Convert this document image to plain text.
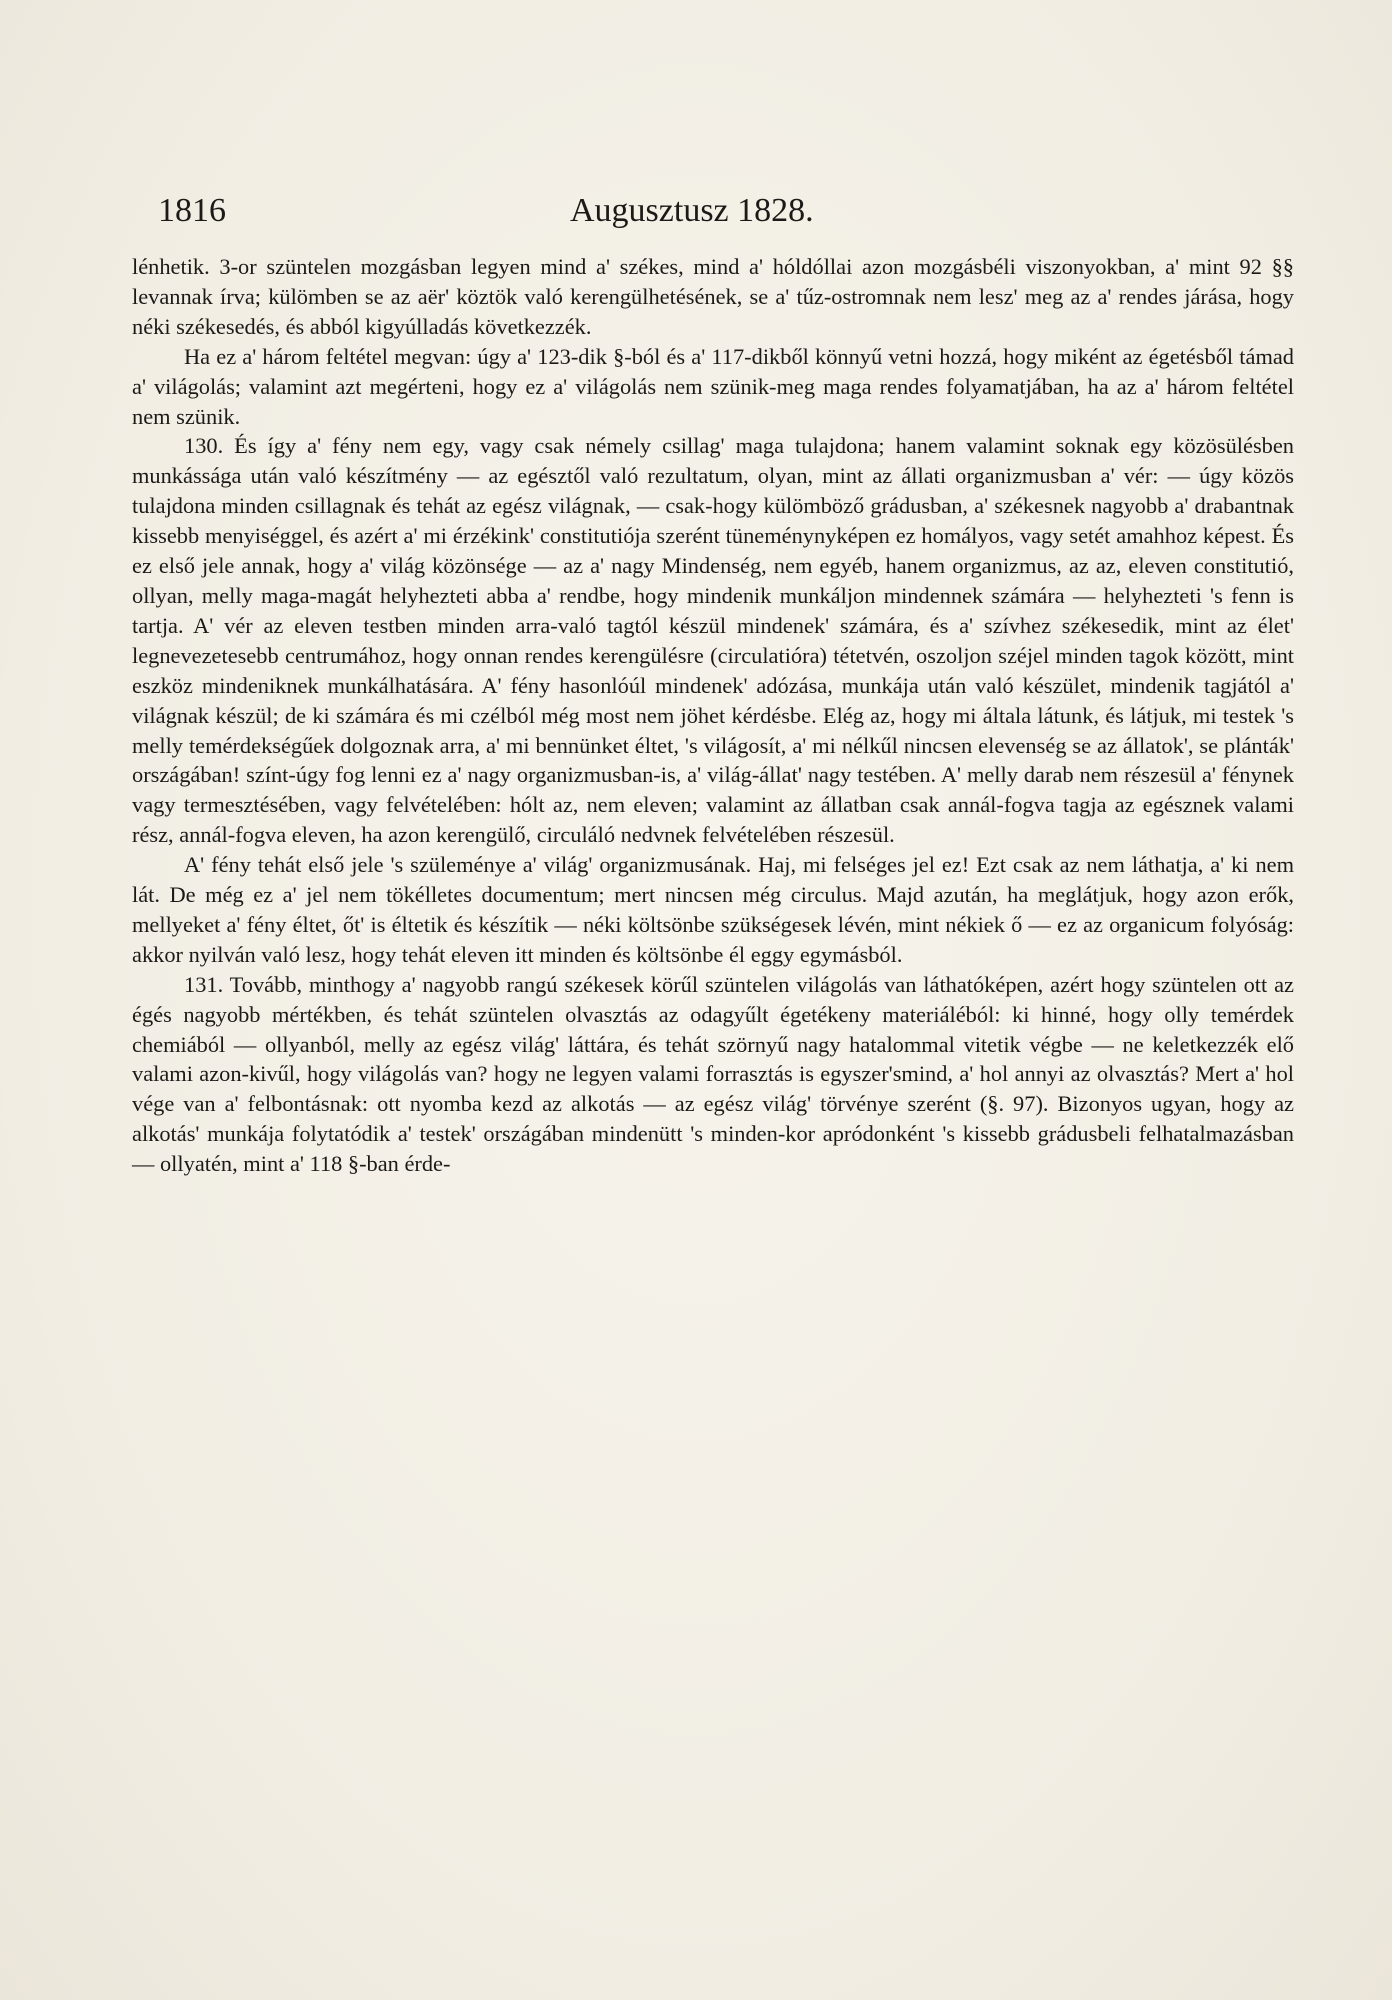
1816	Augusztusz 1828.

lénhetik. 3-or szüntelen mozgásban legyen mind a' székes, mind a' hóldóllai azon mozgásbéli viszonyokban, a' mint 92 §§ levannak írva; külömben se az aër' köztök való kerengülhetésének, se a' tűz-ostromnak nem lesz' meg az a' rendes járása, hogy néki székesedés, és abból kigyúlladás következzék.

Ha ez a' három feltétel megvan: úgy a' 123-dik §-ból és a' 117-dikből könnyű vetni hozzá, hogy miként az égetésből támad a' világolás; valamint azt megérteni, hogy ez a' világolás nem szünik-meg maga rendes folyamatjában, ha az a' három feltétel nem szünik.

130. És így a' fény nem egy, vagy csak némely csillag' maga tulajdona; hanem valamint soknak egy közösülésben munkássága után való készítmény — az egésztől való rezultatum, olyan, mint az állati organizmusban a' vér: — úgy közös tulajdona minden csillagnak és tehát az egész világnak, — csak-hogy külömböző grádusban, a' székesnek nagyobb a' drabantnak kissebb menyiséggel, és azért a' mi érzékink' constitutiója szerént tüneménynyképen ez homályos, vagy setét amahhoz képest. És ez első jele annak, hogy a' világ közönsége — az a' nagy Mindenség, nem egyéb, hanem organizmus, az az, eleven constitutió, ollyan, melly maga-magát helyhezteti abba a' rendbe, hogy mindenik munkáljon mindennek számára — helyhezteti 's fenn is tartja. A' vér az eleven testben minden arra-való tagtól készül mindenek' számára, és a' szívhez székesedik, mint az élet' legnevezetesebb centrumához, hogy onnan rendes kerengülésre (circulatióra) tétetvén, oszoljon széjel minden tagok között, mint eszköz mindeniknek munkálhatására. A' fény hasonlóúl mindenek' adózása, munkája után való készület, mindenik tagjától a' világnak készül; de ki számára és mi czélból még most nem jöhet kérdésbe. Elég az, hogy mi általa látunk, és látjuk, mi testek 's melly temérdekségűek dolgoznak arra, a' mi bennünket éltet, 's világosít, a' mi nélkűl nincsen elevenség se az állatok', se plánták' országában! színt-úgy fog lenni ez a' nagy organizmusban-is, a' világ-állat' nagy testében. A' melly darab nem részesül a' fénynek vagy termesztésében, vagy felvételében: hólt az, nem eleven; valamint az állatban csak annál-fogva tagja az egésznek valami rész, annál-fogva eleven, ha azon kerengülő, circuláló nedvnek felvételében részesül.

A' fény tehát első jele 's szüleménye a' világ' organizmusának. Haj, mi felséges jel ez! Ezt csak az nem láthatja, a' ki nem lát. De még ez a' jel nem tökélletes documentum; mert nincsen még circulus. Majd azután, ha meglátjuk, hogy azon erők, mellyeket a' fény éltet, őt' is éltetik és készítik — néki költsönbe szükségesek lévén, mint nékiek ő — ez az organicum folyóság: akkor nyilván való lesz, hogy tehát eleven itt minden és költsönbe él eggy egymásból.

131. Tovább, minthogy a' nagyobb rangú székesek körűl szüntelen világolás van láthatóképen, azért hogy szüntelen ott az égés nagyobb mértékben, és tehát szüntelen olvasztás az odagyűlt égetékeny materiáléból: ki hinné, hogy olly temérdek chemiából — ollyanból, melly az egész világ' láttára, és tehát szörnyű nagy hatalommal vitetik végbe — ne keletkezzék elő valami azon-kivűl, hogy világolás van? hogy ne legyen valami forrasztás is egyszer'smind, a' hol annyi az olvasztás? Mert a' hol vége van a' felbontásnak: ott nyomba kezd az alkotás — az egész világ' törvénye szerént (§. 97). Bizonyos ugyan, hogy az alkotás' munkája folytatódik a' testek' országában mindenütt 's minden-kor apródonként 's kissebb grádusbeli felhatalmazásban — ollyatén, mint a' 118 §-ban érde-
